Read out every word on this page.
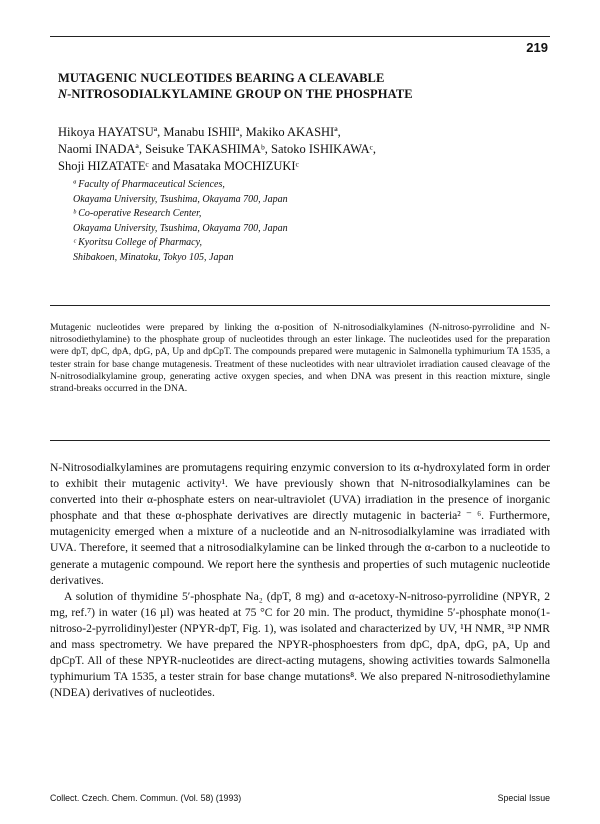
219
MUTAGENIC NUCLEOTIDES BEARING A CLEAVABLE
N-NITROSODIALKYLAMINE GROUP ON THE PHOSPHATE
Hikoya HAYATSUª, Manabu ISHIIª, Makiko AKASHIª,
Naomi INADAª, Seisuke TAKASHIMAᵇ, Satoko ISHIKAWAᶜ,
Shoji HIZATATEᶜ and Masataka MOCHIZUKIᶜ
ª Faculty of Pharmaceutical Sciences,
Okayama University, Tsushima, Okayama 700, Japan
ᵇ Co-operative Research Center,
Okayama University, Tsushima, Okayama 700, Japan
ᶜ Kyoritsu College of Pharmacy,
Shibakoen, Minatoku, Tokyo 105, Japan
Mutagenic nucleotides were prepared by linking the α-position of N-nitrosodialkylamines (N-nitroso-pyrrolidine and N-nitrosodiethylamine) to the phosphate group of nucleotides through an ester linkage. The nucleotides used for the preparation were dpT, dpC, dpA, dpG, pA, Up and dpCpT. The compounds prepared were mutagenic in Salmonella typhimurium TA 1535, a tester strain for base change mutagenesis. Treatment of these nucleotides with near ultraviolet irradiation caused cleavage of the N-nitrosodialkylamine group, generating active oxygen species, and when DNA was present in this reaction mixture, single strand-breaks occurred in the DNA.

N-Nitrosodialkylamines are promutagens requiring enzymic conversion to its α-hydroxylated form in order to exhibit their mutagenic activity¹. We have previously shown that N-nitrosodialkylamines can be converted into their α-phosphate esters on near-ultraviolet (UVA) irradiation in the presence of inorganic phosphate and that these α-phosphate derivatives are directly mutagenic in bacteria² ⁻ ⁶. Furthermore, mutagenicity emerged when a mixture of a nucleotide and an N-nitrosodialkylamine was irradiated with UVA. Therefore, it seemed that a nitrosodialkylamine can be linked through the α-carbon to a nucleotide to generate a mutagenic compound. We report here the synthesis and properties of such mutagenic nucleotide derivatives.

A solution of thymidine 5′-phosphate Na₂ (dpT, 8 mg) and α-acetoxy-N-nitroso-pyrrolidine (NPYR, 2 mg, ref.⁷) in water (16 µl) was heated at 75 °C for 20 min. The product, thymidine 5′-phosphate mono(1-nitroso-2-pyrrolidinyl)ester (NPYR-dpT, Fig. 1), was isolated and characterized by UV, ¹H NMR, ³¹P NMR and mass spectrometry. We have prepared the NPYR-phosphoesters from dpC, dpA, dpG, pA, Up and dpCpT. All of these NPYR-nucleotides are direct-acting mutagens, showing activities towards Salmonella typhimurium TA 1535, a tester strain for base change mutations⁸. We also prepared N-nitrosodiethylamine (NDEA) derivatives of nucleotides.

Collect. Czech. Chem. Commun. (Vol. 58) (1993)	Special Issue
